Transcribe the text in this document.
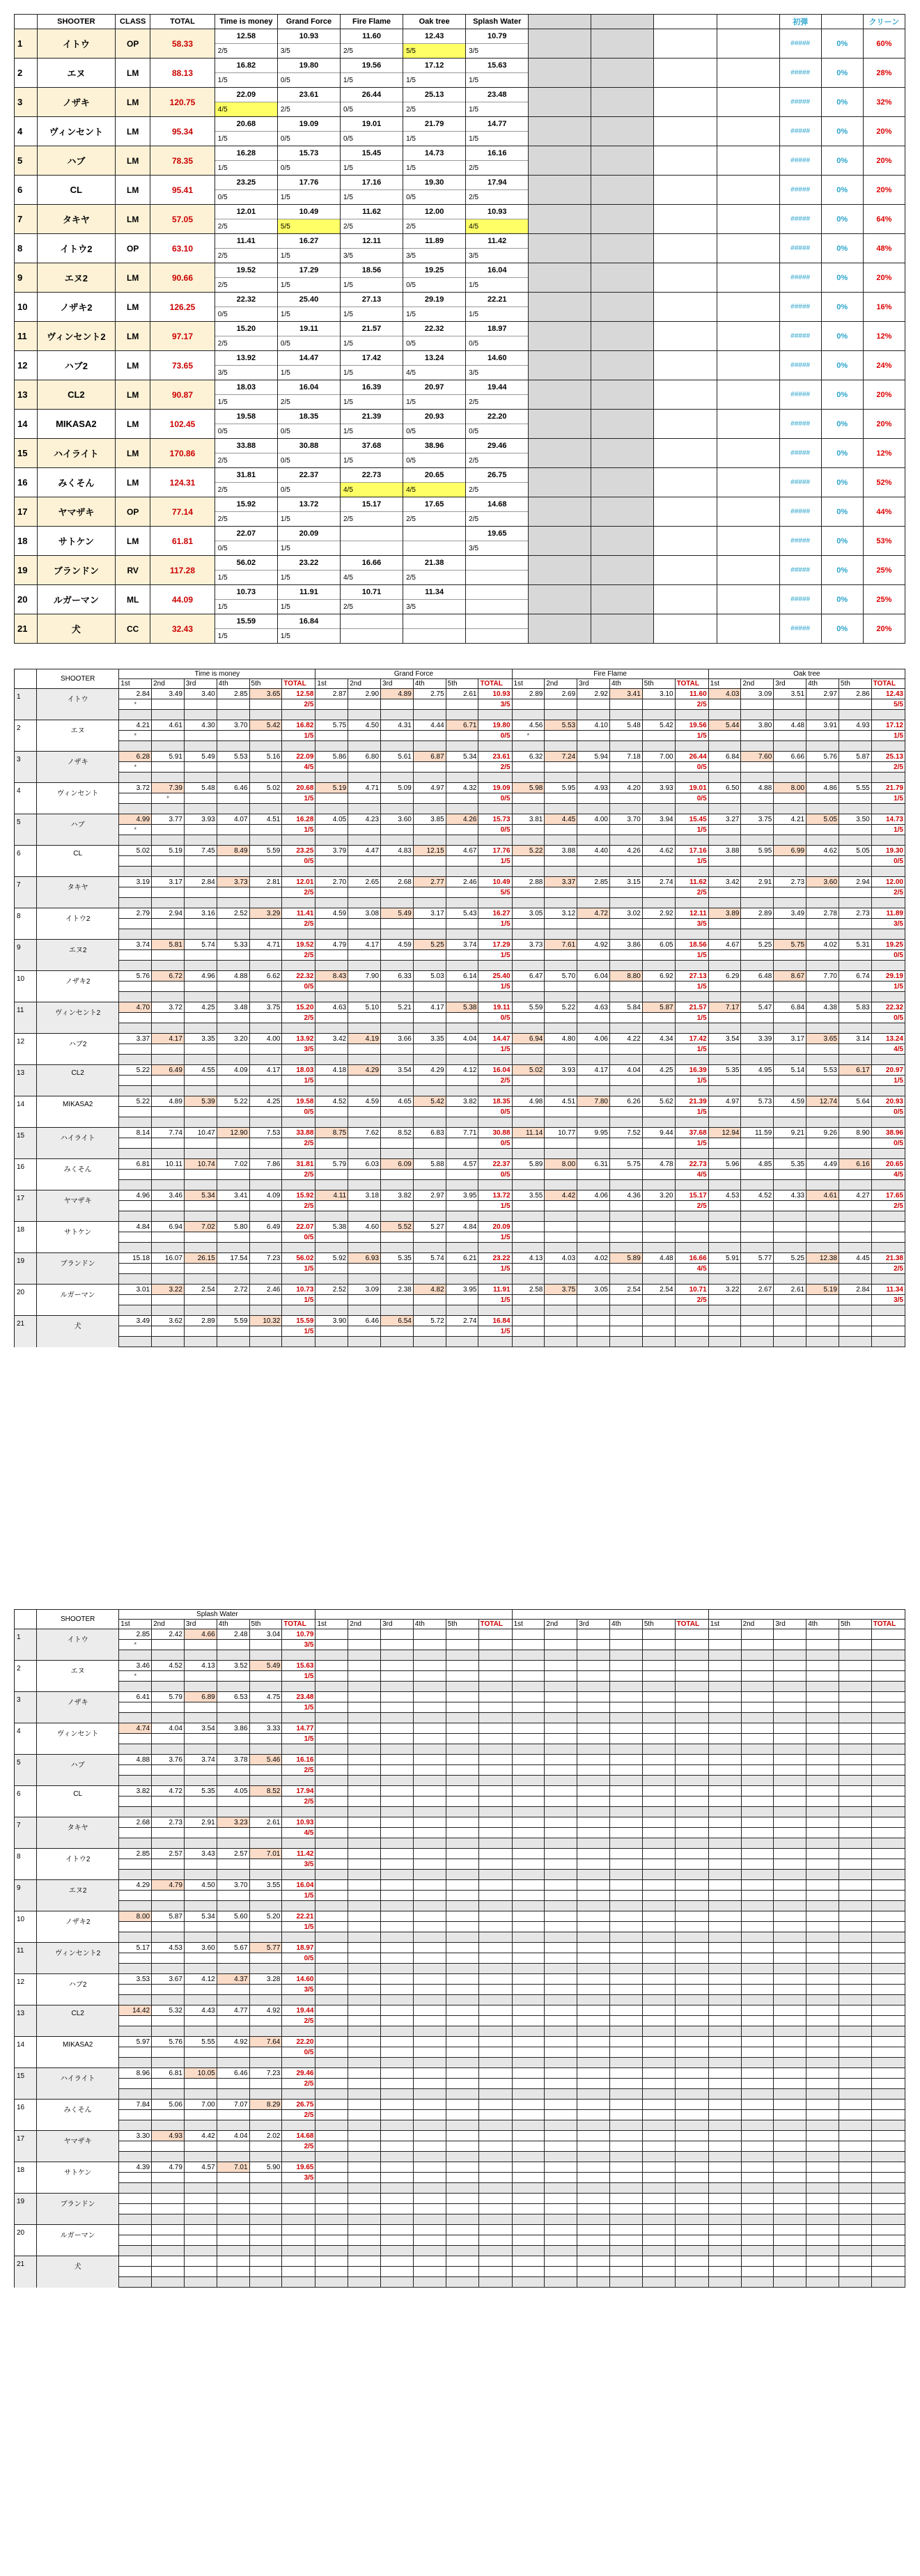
	SHOOTER	CLASS	TOTAL	Time is money	Grand Force	Fire Flame	Oak tree	Splash Water					初弾		クリーン
1	イトウ	OP	58.33	12.58	10.93	11.60	12.43	10.79					#####	0%	60%
				2/5	3/5	2/5	5/5	3/5							
2	エヌ	LM	88.13	16.82	19.80	19.56	17.12	15.63					#####	0%	28%
				1/5	0/5	1/5	1/5	1/5							
3	ノザキ	LM	120.75	22.09	23.61	26.44	25.13	23.48					#####	0%	32%
				4/5	2/5	0/5	2/5	1/5							
4	ヴィンセント	LM	95.34	20.68	19.09	19.01	21.79	14.77					#####	0%	20%
				1/5	0/5	0/5	1/5	1/5							
5	ハブ	LM	78.35	16.28	15.73	15.45	14.73	16.16					#####	0%	20%
				1/5	0/5	1/5	1/5	2/5							
6	CL	LM	95.41	23.25	17.76	17.16	19.30	17.94					#####	0%	20%
				0/5	1/5	1/5	0/5	2/5							
7	タキヤ	LM	57.05	12.01	10.49	11.62	12.00	10.93					#####	0%	64%
				2/5	5/5	2/5	2/5	4/5							
8	イトウ2	OP	63.10	11.41	16.27	12.11	11.89	11.42					#####	0%	48%
				2/5	1/5	3/5	3/5	3/5							
9	エヌ2	LM	90.66	19.52	17.29	18.56	19.25	16.04					#####	0%	20%
				2/5	1/5	1/5	0/5	1/5							
10	ノザキ2	LM	126.25	22.32	25.40	27.13	29.19	22.21					#####	0%	16%
				0/5	1/5	1/5	1/5	1/5							
11	ヴィンセント2	LM	97.17	15.20	19.11	21.57	22.32	18.97					#####	0%	12%
				2/5	0/5	1/5	0/5	0/5							
12	ハブ2	LM	73.65	13.92	14.47	17.42	13.24	14.60					#####	0%	24%
				3/5	1/5	1/5	4/5	3/5							
13	CL2	LM	90.87	18.03	16.04	16.39	20.97	19.44					#####	0%	20%
				1/5	2/5	1/5	1/5	2/5							
14	MIKASA2	LM	102.45	19.58	18.35	21.39	20.93	22.20					#####	0%	20%
				0/5	0/5	1/5	0/5	0/5							
15	ハイライト	LM	170.86	33.88	30.88	37.68	38.96	29.46					#####	0%	12%
				2/5	0/5	1/5	0/5	2/5							
16	みくそん	LM	124.31	31.81	22.37	22.73	20.65	26.75					#####	0%	52%
				2/5	0/5	4/5	4/5	2/5							
17	ヤマザキ	OP	77.14	15.92	13.72	15.17	17.65	14.68					#####	0%	44%
				2/5	1/5	2/5	2/5	2/5							
18	サトケン	LM	61.81	22.07	20.09			19.65					#####	0%	53%
				0/5	1/5			3/5							
19	ブランドン	RV	117.28	56.02	23.22	16.66	21.38						#####	0%	25%
				1/5	1/5	4/5	2/5								
20	ルガーマン	ML	44.09	10.73	11.91	10.71	11.34						#####	0%	25%
				1/5	1/5	2/5	3/5								
21	犬	CC	32.43	15.59	16.84								#####	0%	20%
				1/5	1/5										
	SHOOTER	Time is money						Grand Force						Fire Flame						Oak tree					
		1st	2nd	3rd	4th	5th	TOTAL	1st	2nd	3rd	4th	5th	TOTAL	1st	2nd	3rd	4th	5th	TOTAL	1st	2nd	3rd	4th	5th	TOTAL
1	イトウ	2.84	3.49	3.40	2.85	3.65	12.58	2.87	2.90	4.89	2.75	2.61	10.93	2.89	2.69	2.92	3.41	3.10	11.60	4.03	3.09	3.51	2.97	2.86	12.43
		*					2/5						3/5						2/5						5/5

2	エヌ	4.21	4.61	4.30	3.70	5.42	16.82	5.75	4.50	4.31	4.44	6.71	19.80	4.56	5.53	4.10	5.48	5.42	19.56	5.44	3.80	4.48	3.91	4.93	17.12
		*					1/5						0/5	*					1/5						1/5

3	ノザキ	6.28	5.91	5.49	5.53	5.16	22.09	5.86	6.80	5.61	6.87	5.34	23.61	6.32	7.24	5.94	7.18	7.00	26.44	6.84	7.60	6.66	5.76	5.87	25.13
		*					4/5						2/5						0/5						2/5

4	ヴィンセント	3.72	7.39	5.48	6.46	5.02	20.68	5.19	4.71	5.09	4.97	4.32	19.09	5.98	5.95	4.93	4.20	3.93	19.01	6.50	4.88	8.00	4.86	5.55	21.79
			*				1/5						0/5						0/5						1/5

5	ハブ	4.99	3.77	3.93	4.07	4.51	16.28	4.05	4.23	3.60	3.85	4.26	15.73	3.81	4.45	4.00	3.70	3.94	15.45	3.27	3.75	4.21	5.05	3.50	14.73
		*					1/5						0/5						1/5						1/5

6	CL	5.02	5.19	7.45	8.49	5.59	23.25	3.79	4.47	4.83	12.15	4.67	17.76	5.22	3.88	4.40	4.26	4.62	17.16	3.88	5.95	6.99	4.62	5.05	19.30
							0/5						1/5						1/5						0/5

7	タキヤ	3.19	3.17	2.84	3.73	2.81	12.01	2.70	2.65	2.68	2.77	2.46	10.49	2.88	3.37	2.85	3.15	2.74	11.62	3.42	2.91	2.73	3.60	2.94	12.00
							2/5						5/5						2/5						2/5

8	イトウ2	2.79	2.94	3.16	2.52	3.29	11.41	4.59	3.08	5.49	3.17	5.43	16.27	3.05	3.12	4.72	3.02	2.92	12.11	3.89	2.89	3.49	2.78	2.73	11.89
							2/5						1/5						3/5						3/5

9	エヌ2	3.74	5.81	5.74	5.33	4.71	19.52	4.79	4.17	4.59	5.25	3.74	17.29	3.73	7.61	4.92	3.86	6.05	18.56	4.67	5.25	5.75	4.02	5.31	19.25
							2/5						1/5						1/5						0/5

10	ノザキ2	5.76	6.72	4.96	4.88	6.62	22.32	8.43	7.90	6.33	5.03	6.14	25.40	6.47	5.70	6.04	8.80	6.92	27.13	6.29	6.48	8.67	7.70	6.74	29.19
							0/5						1/5						1/5						1/5

11	ヴィンセント2	4.70	3.72	4.25	3.48	3.75	15.20	4.63	5.10	5.21	4.17	5.38	19.11	5.59	5.22	4.63	5.84	5.87	21.57	7.17	5.47	6.84	4.38	5.83	22.32
							2/5						0/5						1/5						0/5

12	ハブ2	3.37	4.17	3.35	3.20	4.00	13.92	3.42	4.19	3.66	3.35	4.04	14.47	6.94	4.80	4.06	4.22	4.34	17.42	3.54	3.39	3.17	3.65	3.14	13.24
							3/5						1/5						1/5						4/5

13	CL2	5.22	6.49	4.55	4.09	4.17	18.03	4.18	4.29	3.54	4.29	4.12	16.04	5.02	3.93	4.17	4.04	4.25	16.39	5.35	4.95	5.14	5.53	6.17	20.97
							1/5						2/5						1/5						1/5

14	MIKASA2	5.22	4.89	5.39	5.22	4.25	19.58	4.52	4.59	4.65	5.42	3.82	18.35	4.98	4.51	7.80	6.26	5.62	21.39	4.97	5.73	4.59	12.74	5.64	20.93
							0/5						0/5						1/5						0/5

15	ハイライト	8.14	7.74	10.47	12.90	7.53	33.88	8.75	7.62	8.52	6.83	7.71	30.88	11.14	10.77	9.95	7.52	9.44	37.68	12.94	11.59	9.21	9.26	8.90	38.96
							2/5						0/5						1/5						0/5

16	みくそん	6.81	10.11	10.74	7.02	7.86	31.81	5.79	6.03	6.09	5.88	4.57	22.37	5.89	8.00	6.31	5.75	4.78	22.73	5.96	4.85	5.35	4.49	6.16	20.65
							2/5						0/5						4/5						4/5

17	ヤマザキ	4.96	3.46	5.34	3.41	4.09	15.92	4.11	3.18	3.82	2.97	3.95	13.72	3.55	4.42	4.06	4.36	3.20	15.17	4.53	4.52	4.33	4.61	4.27	17.65
							2/5						1/5						2/5						2/5

18	サトケン	4.84	6.94	7.02	5.80	6.49	22.07	5.38	4.60	5.52	5.27	4.84	20.09												
							0/5						1/5												

19	ブランドン	15.18	16.07	26.15	17.54	7.23	56.02	5.92	6.93	5.35	5.74	6.21	23.22	4.13	4.03	4.02	5.89	4.48	16.66	5.91	5.77	5.25	12.38	4.45	21.38
							1/5						1/5						4/5						2/5

20	ルガーマン	3.01	3.22	2.54	2.72	2.46	10.73	2.52	3.09	2.38	4.82	3.95	11.91	2.58	3.75	3.05	2.54	2.54	10.71	3.22	2.67	2.61	5.19	2.84	11.34
							1/5						1/5						2/5						3/5

21	犬	3.49	3.62	2.89	5.59	10.32	15.59	3.90	6.46	6.54	5.72	2.74	16.84												
							1/5						1/5												

	SHOOTER	Splash Water																							
		1st	2nd	3rd	4th	5th	TOTAL	1st	2nd	3rd	4th	5th	TOTAL	1st	2nd	3rd	4th	5th	TOTAL	1st	2nd	3rd	4th	5th	TOTAL
1	イトウ	2.85	2.42	4.66	2.48	3.04	10.79																		
		*					3/5																		

2	エヌ	3.46	4.52	4.13	3.52	5.49	15.63																		
		*					1/5																		

3	ノザキ	6.41	5.79	6.89	6.53	4.75	23.48																		
							1/5																		

4	ヴィンセント	4.74	4.04	3.54	3.86	3.33	14.77																		
							1/5																		

5	ハブ	4.88	3.76	3.74	3.78	5.46	16.16																		
							2/5																		

6	CL	3.82	4.72	5.35	4.05	8.52	17.94																		
							2/5																		

7	タキヤ	2.68	2.73	2.91	3.23	2.61	10.93																		
							4/5																		

8	イトウ2	2.85	2.57	3.43	2.57	7.01	11.42																		
							3/5																		

9	エヌ2	4.29	4.79	4.50	3.70	3.55	16.04																		
							1/5																		

10	ノザキ2	8.00	5.87	5.34	5.60	5.20	22.21																		
							1/5																		

11	ヴィンセント2	5.17	4.53	3.60	5.67	5.77	18.97																		
							0/5																		

12	ハブ2	3.53	3.67	4.12	4.37	3.28	14.60																		
							3/5																		

13	CL2	14.42	5.32	4.43	4.77	4.92	19.44																		
							2/5																		

14	MIKASA2	5.97	5.76	5.55	4.92	7.64	22.20																		
							0/5																		

15	ハイライト	8.96	6.81	10.05	6.46	7.23	29.46																		
							2/5																		

16	みくそん	7.84	5.06	7.00	7.07	8.29	26.75																		
							2/5																		

17	ヤマザキ	3.30	4.93	4.42	4.04	2.02	14.68																		
							2/5																		

18	サトケン	4.39	4.79	4.57	7.01	5.90	19.65																		
							3/5																		

19	ブランドン																								

20	ルガーマン																								

21	犬																								
